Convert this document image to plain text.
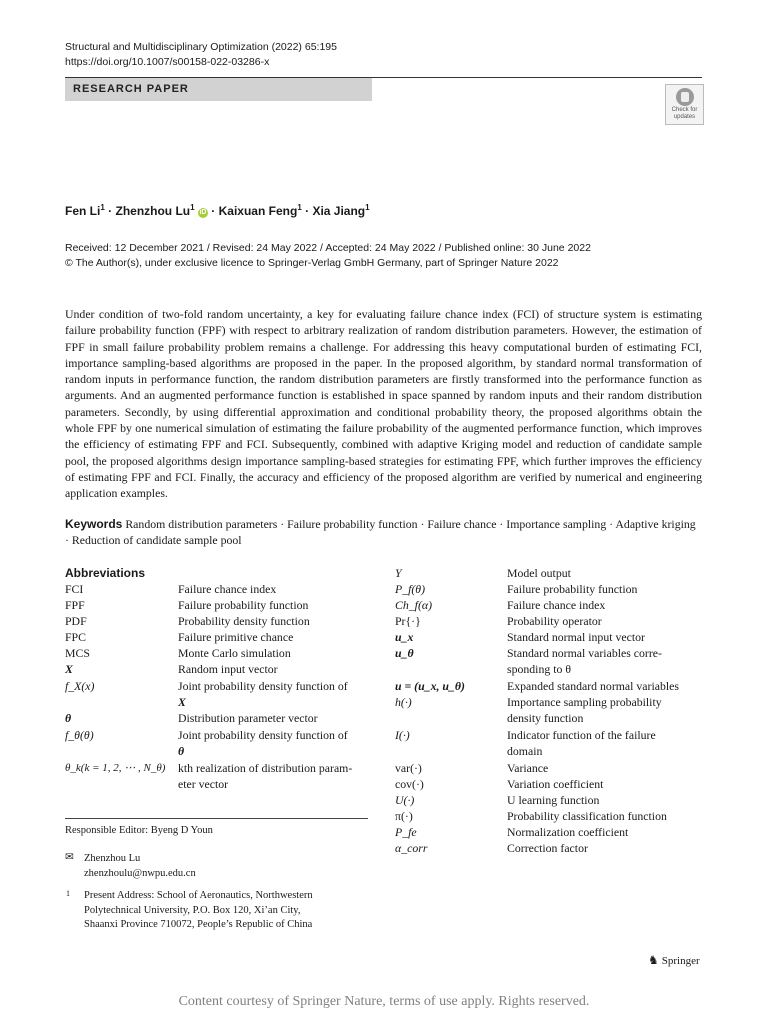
Structural and Multidisciplinary Optimization (2022) 65:195
https://doi.org/10.1007/s00158-022-03286-x
RESEARCH PAPER
Check for
updates
Fen $Li^1$ · Zhenzhou Lu$^1$ iD · Kaixuan Feng$^1$ · Xia Jiang$^1$
Received: 12 December 2021 / Revised: 24 May 2022 / Accepted: 24 May 2022 / Published online: 30 June 2022
© The Author(s), under exclusive licence to Springer-Verlag GmbH Germany, part of Springer Nature 2022
Under condition of two-fold random uncertainty, a key for evaluating failure chance index (FCI) of structure system is estimating failure probability function (FPF) with respect to arbitrary realization of random distribution parameters. However, the estimation of FPF in small failure probability problem remains a challenge. For addressing this heavy computational burden of estimating FCI, importance sampling-based algorithms are proposed in the paper. In the proposed algorithm, by standard normal transformation of random inputs in performance function, the random distribution parameters are firstly transformed into the performance function as arguments. And an augmented performance function is established in space spanned by random inputs and their random distribution parameters. Secondly, by using differential approximation and conditional probability theory, the proposed algorithms obtain the whole FPF by one numerical simulation of estimating the failure probability of the augmented performance function, which improves the efficiency of estimating FPF and FCI. Subsequently, combined with adaptive Kriging model and reduction of candidate sample pool, the proposed algorithms design importance sampling-based strategies for estimating FPF, which further improves the efficiency of estimating FPF and FCI. Finally, the accuracy and efficiency of the proposed algorithm are verified by numerical and engineering application examples.
Keywords Random distribution parameters · Failure probability function · Failure chance · Importance sampling · Adaptive kriging · Reduction of candidate sample pool
Abbreviations
FCI	Failure chance index
FPF	Failure probability function
PDF	Probability density function
FPC	Failure primitive chance
MCS	Monte Carlo simulation
X	Random input vector
f_X(x)	Joint probability density function of
X
θ	Distribution parameter vector
f_θ(θ)	Joint probability density function of
θ
θ_k(k = 1, 2, ⋯ , N_θ) kth realization of distribution param-
eter vector
Y	Model output
P_f(θ)	Failure probability function
Ch_f(α)	Failure chance index
Pr{·}	Probability operator
u_x	Standard normal input vector
u_θ	Standard normal variables corre-
sponding to θ
u = (u_x, u_θ)	Expanded standard normal variables
h(·)	Importance sampling probability
density function
I(·)	Indicator function of the failure
domain
var(·)	Variance
cov(·)	Variation coefficient
U(·)	U learning function
π(·)	Probability classification function
P_fe	Normalization coefficient
α_corr	Correction factor
Responsible Editor: Byeng D Youn
✉ Zhenzhou Lu
zhenzhoulu@nwpu.edu.cn
1 Present Address: School of Aeronautics, Northwestern
Polytechnical University, P.O. Box 120, Xi’an City,
Shaanxi Province 710072, People’s Republic of China
♞ Springer
Content courtesy of Springer Nature, terms of use apply. Rights reserved.
